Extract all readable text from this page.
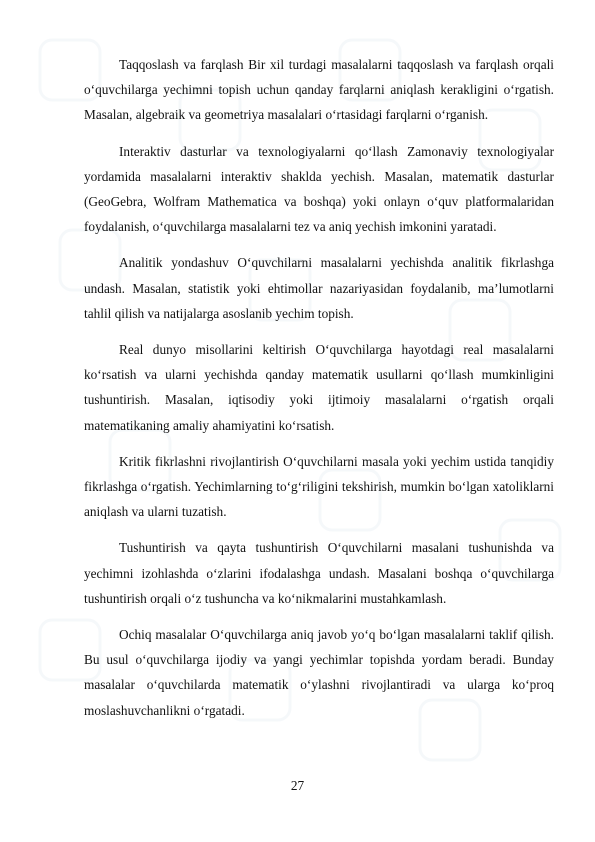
Taqqoslash va farqlash Bir xil turdagi masalalarni taqqoslash va farqlash orqali o‘quvchilarga yechimni topish uchun qanday farqlarni aniqlash kerakligini o‘rgatish. Masalan, algebraik va geometriya masalalari o‘rtasidagi farqlarni o‘rganish.

Interaktiv dasturlar va texnologiyalarni qo‘llash Zamonaviy texnologiyalar yordamida masalalarni interaktiv shaklda yechish. Masalan, matematik dasturlar (GeoGebra, Wolfram Mathematica va boshqa) yoki onlayn o‘quv platformalaridan foydalanish, o‘quvchilarga masalalarni tez va aniq yechish imkonini yaratadi.

Analitik yondashuv O‘quvchilarni masalalarni yechishda analitik fikrlashga undash. Masalan, statistik yoki ehtimollar nazariyasidan foydalanib, ma’lumotlarni tahlil qilish va natijalarga asoslanib yechim topish.

Real dunyo misollarini keltirish O‘quvchilarga hayotdagi real masalalarni ko‘rsatish va ularni yechishda qanday matematik usullarni qo‘llash mumkinligini tushuntirish. Masalan, iqtisodiy yoki ijtimoiy masalalarni o‘rgatish orqali matematikaning amaliy ahamiyatini ko‘rsatish.

Kritik fikrlashni rivojlantirish O‘quvchilarni masala yoki yechim ustida tanqidiy fikrlashga o‘rgatish. Yechimlarning to‘g‘riligini tekshirish, mumkin bo‘lgan xatoliklarni aniqlash va ularni tuzatish.

Tushuntirish va qayta tushuntirish O‘quvchilarni masalani tushunishda va yechimni izohlashda o‘zlarini ifodalashga undash. Masalani boshqa o‘quvchilarga tushuntirish orqali o‘z tushuncha va ko‘nikmalarini mustahkamlash.

Ochiq masalalar O‘quvchilarga aniq javob yo‘q bo‘lgan masalalarni taklif qilish. Bu usul o‘quvchilarga ijodiy va yangi yechimlar topishda yordam beradi. Bunday masalalar o‘quvchilarda matematik o‘ylashni rivojlantiradi va ularga ko‘proq moslashuvchanlikni o‘rgatadi.

27
